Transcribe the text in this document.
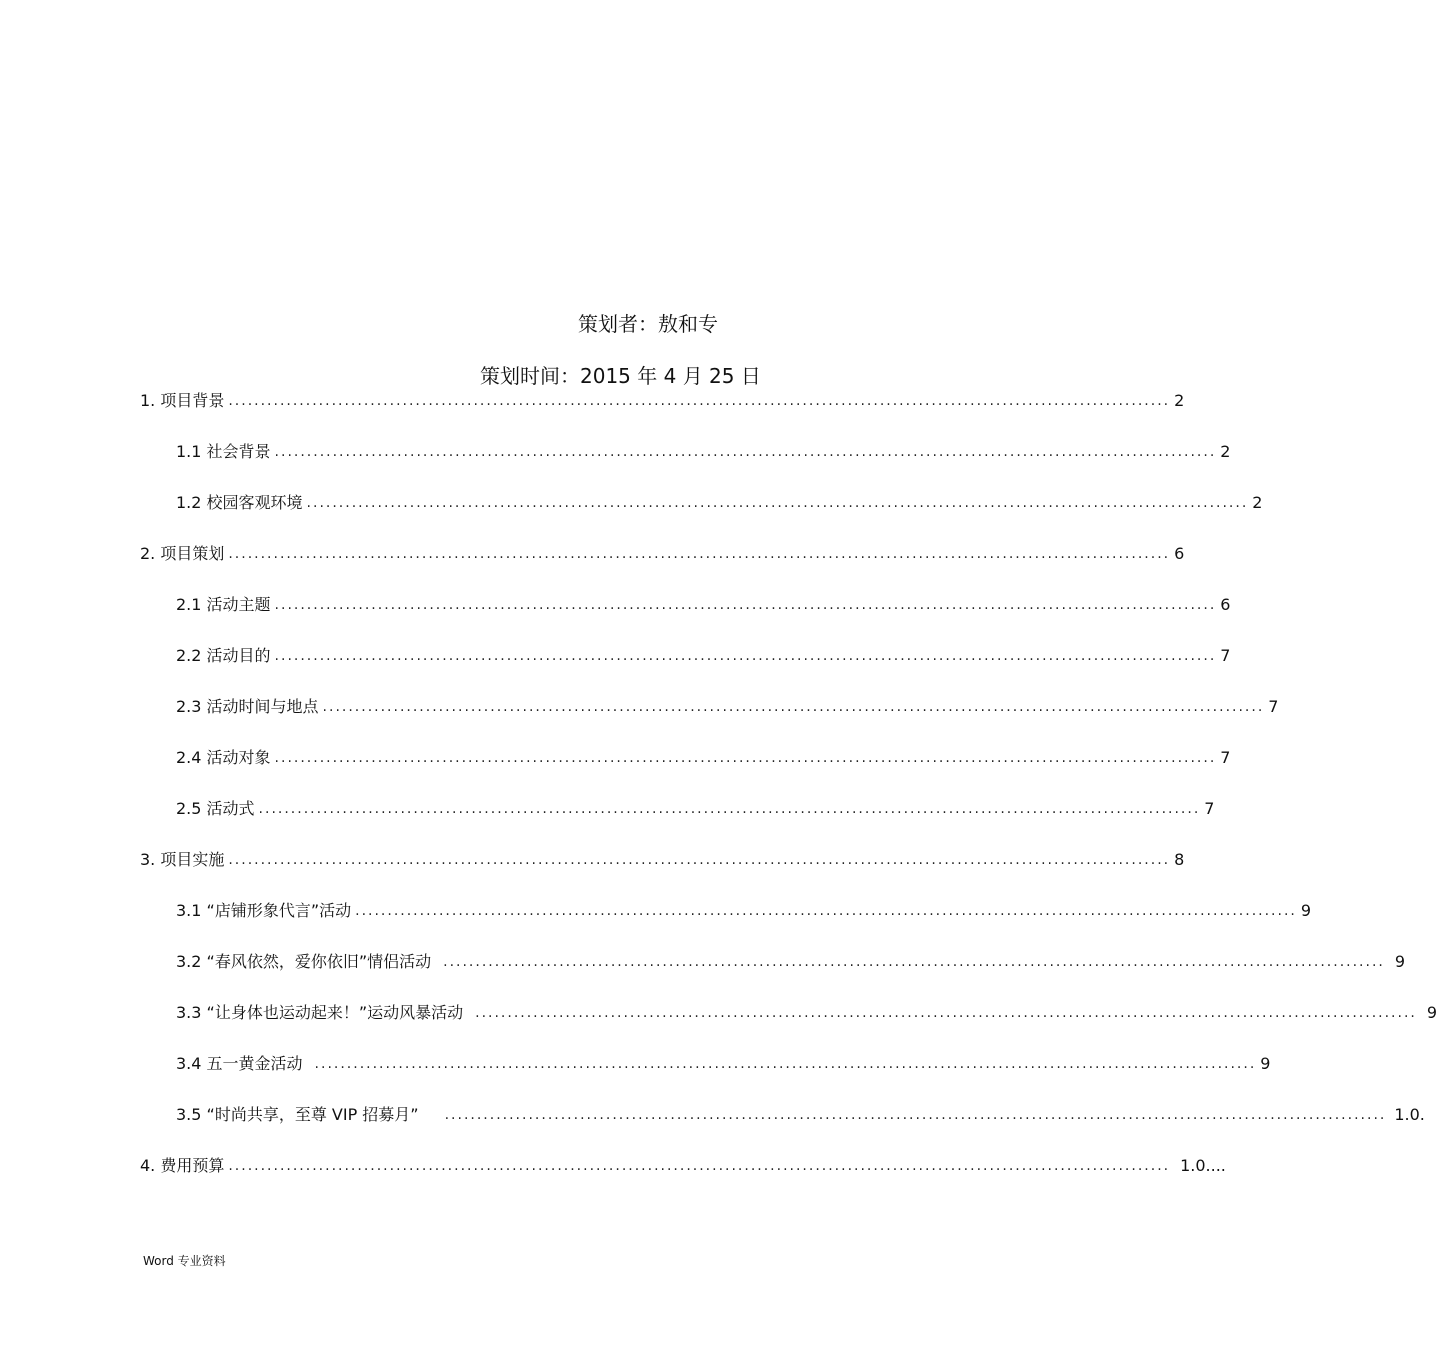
策划者：敖和专
策划时间：2015 年 4 月 25 日
1. 项目背景 .................................................................................................................................................. 2
1.1 社会背景 .................................................................................................................................................. 2
1.2 校园客观环境 .................................................................................................................................................. 2
2. 项目策划 .................................................................................................................................................. 6
2.1 活动主题 .................................................................................................................................................. 6
2.2 活动目的 .................................................................................................................................................. 7
2.3 活动时间与地点 .................................................................................................................................................. 7
2.4 活动对象 .................................................................................................................................................. 7
2.5 活动式 .................................................................................................................................................. 7
3. 项目实施 .................................................................................................................................................. 8
3.1 “店铺形象代言”活动 .................................................................................................................................................. 9
3.2 “春风依然，爱你依旧”情侣活动 .................................................................................................................................................. 9
3.3 “让身体也运动起来！”运动风暴活动 .................................................................................................................................................. 9
3.4 五一黄金活动 .................................................................................................................................................. 9
3.5 “时尚共享，至尊 VIP 招募月” .................................................................................................................................................. 1.0.
4. 费用预算 .................................................................................................................................................. 1.0....
Word 专业资料
